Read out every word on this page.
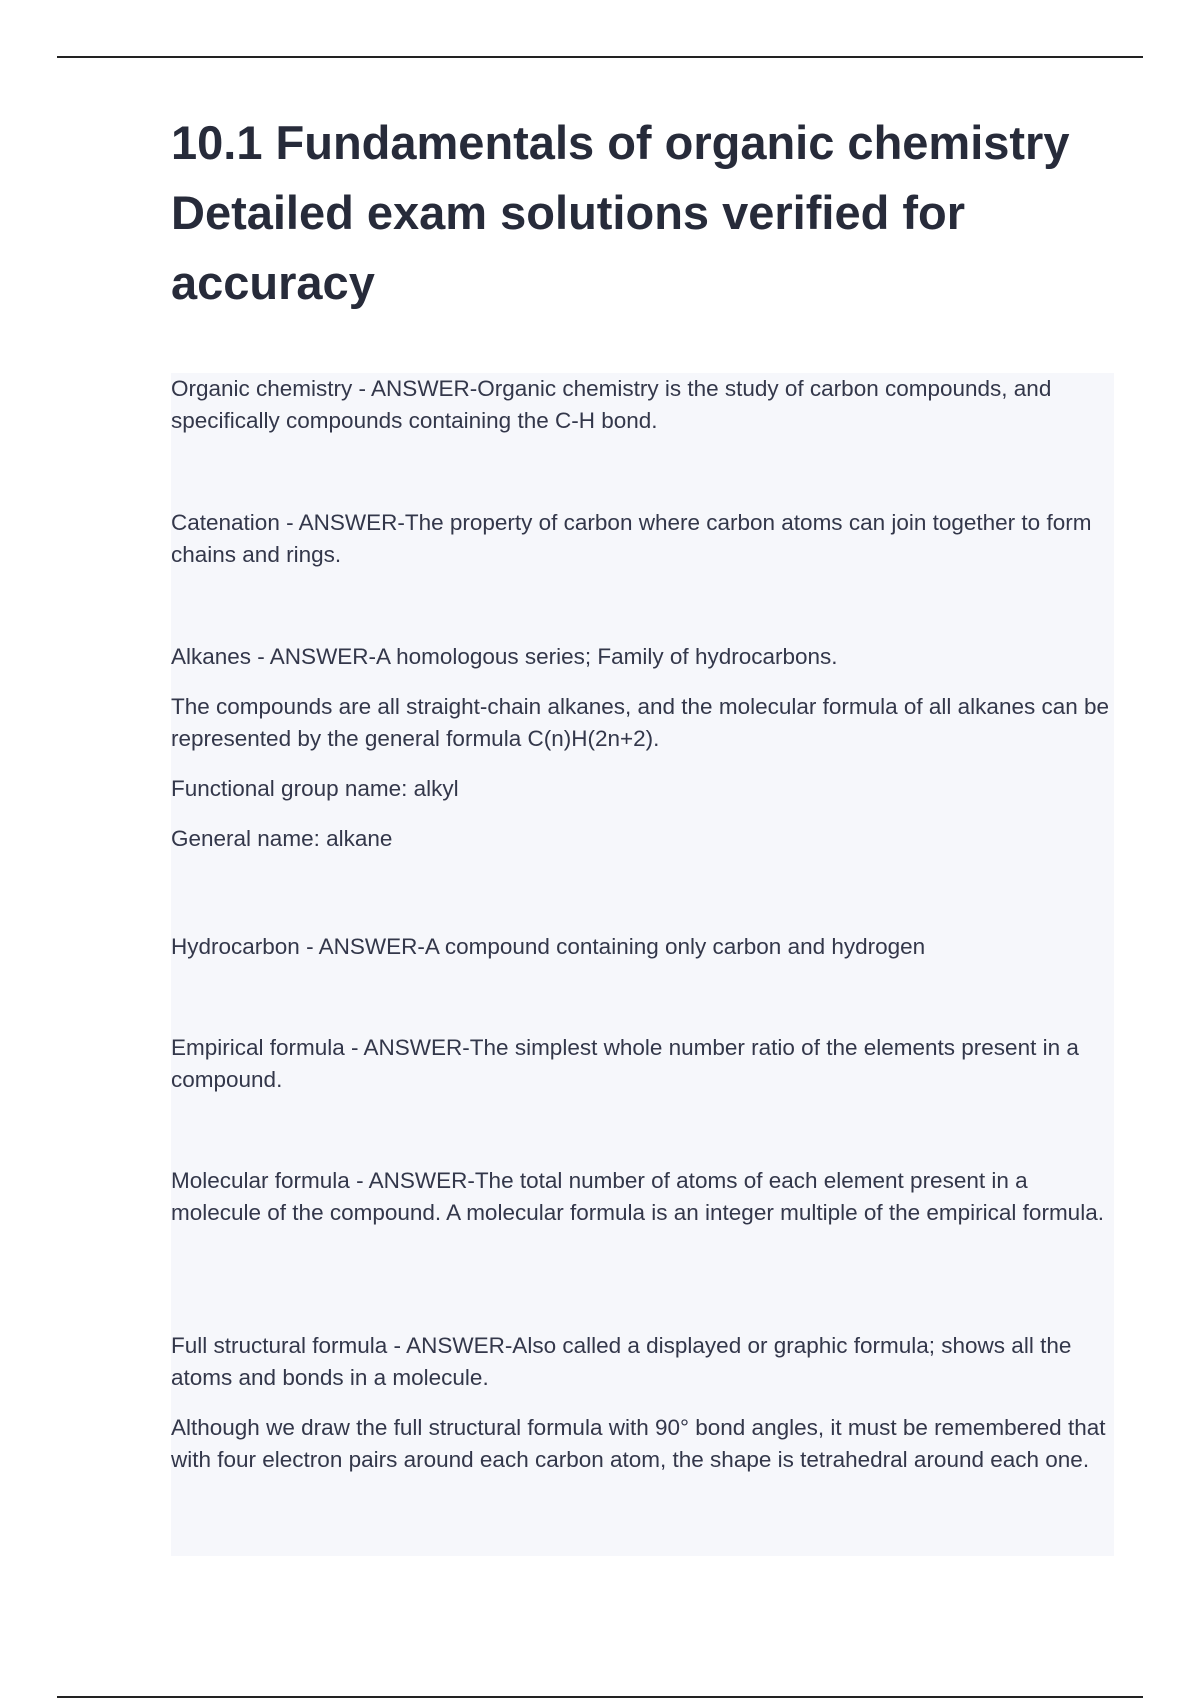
10.1 Fundamentals of organic chemistry Detailed exam solutions verified for accuracy

Organic chemistry - ANSWER-Organic chemistry is the study of carbon compounds, and specifically compounds containing the C-H bond.

Catenation - ANSWER-The property of carbon where carbon atoms can join together to form chains and rings.

Alkanes - ANSWER-A homologous series; Family of hydrocarbons.

The compounds are all straight-chain alkanes, and the molecular formula of all alkanes can be represented by the general formula C(n)H(2n+2).

Functional group name: alkyl

General name: alkane

Hydrocarbon - ANSWER-A compound containing only carbon and hydrogen

Empirical formula - ANSWER-The simplest whole number ratio of the elements present in a compound.

Molecular formula - ANSWER-The total number of atoms of each element present in a molecule of the compound. A molecular formula is an integer multiple of the empirical formula.

Full structural formula - ANSWER-Also called a displayed or graphic formula; shows all the atoms and bonds in a molecule.

Although we draw the full structural formula with 90° bond angles, it must be remembered that with four electron pairs around each carbon atom, the shape is tetrahedral around each one.
